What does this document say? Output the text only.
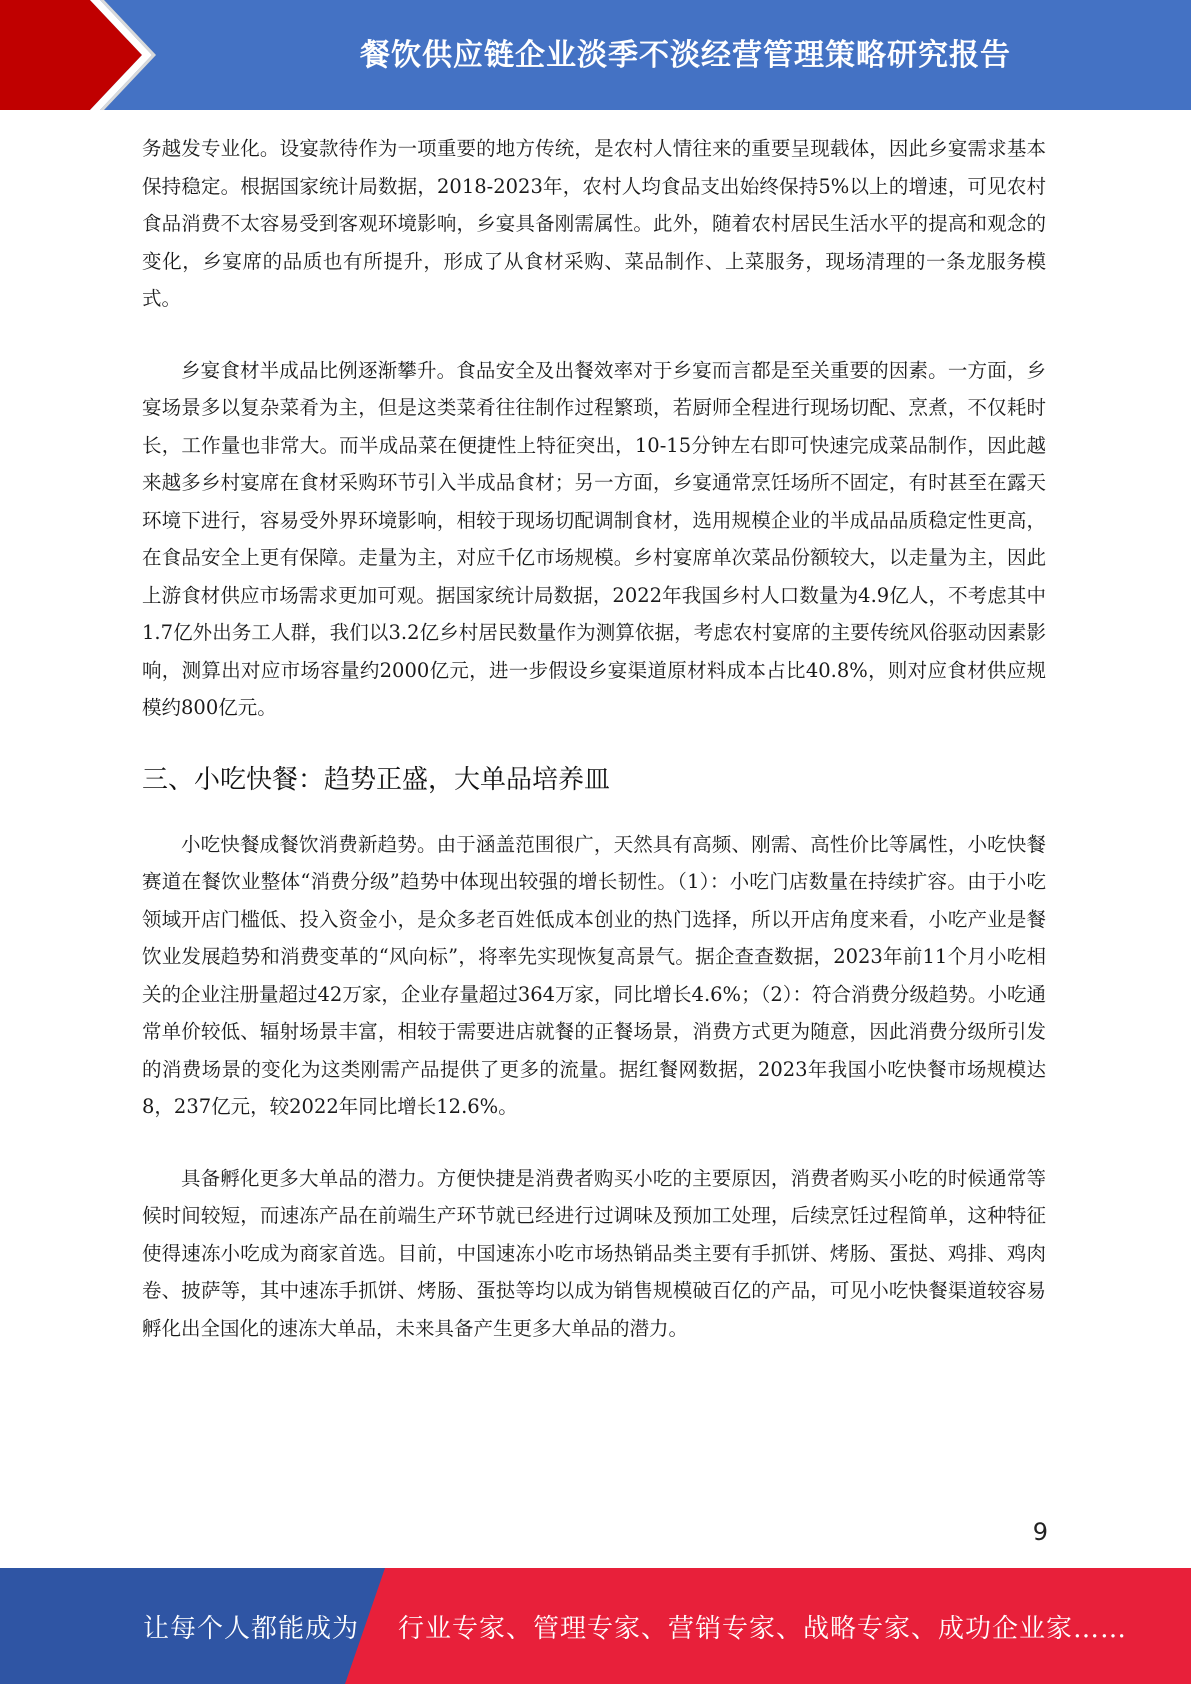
餐饮供应链企业淡季不淡经营管理策略研究报告

务越发专业化。设宴款待作为一项重要的地方传统，是农村人情往来的重要呈现载体，因此乡宴需求基本保持稳定。根据国家统计局数据，2018-2023年，农村人均食品支出始终保持5%以上的增速，可见农村食品消费不太容易受到客观环境影响，乡宴具备刚需属性。此外，随着农村居民生活水平的提高和观念的变化，乡宴席的品质也有所提升，形成了从食材采购、菜品制作、上菜服务，现场清理的一条龙服务模式。

乡宴食材半成品比例逐渐攀升。食品安全及出餐效率对于乡宴而言都是至关重要的因素。一方面，乡宴场景多以复杂菜肴为主，但是这类菜肴往往制作过程繁琐，若厨师全程进行现场切配、烹煮，不仅耗时长，工作量也非常大。而半成品菜在便捷性上特征突出，10-15分钟左右即可快速完成菜品制作，因此越来越多乡村宴席在食材采购环节引入半成品食材；另一方面，乡宴通常烹饪场所不固定，有时甚至在露天环境下进行，容易受外界环境影响，相较于现场切配调制食材，选用规模企业的半成品品质稳定性更高，在食品安全上更有保障。走量为主，对应千亿市场规模。乡村宴席单次菜品份额较大，以走量为主，因此上游食材供应市场需求更加可观。据国家统计局数据，2022年我国乡村人口数量为4.9亿人，不考虑其中1.7亿外出务工人群，我们以3.2亿乡村居民数量作为测算依据，考虑农村宴席的主要传统风俗驱动因素影响，测算出对应市场容量约2000亿元，进一步假设乡宴渠道原材料成本占比40.8%，则对应食材供应规模约800亿元。

三、小吃快餐：趋势正盛，大单品培养皿

小吃快餐成餐饮消费新趋势。由于涵盖范围很广，天然具有高频、刚需、高性价比等属性，小吃快餐赛道在餐饮业整体“消费分级”趋势中体现出较强的增长韧性。（1）：小吃门店数量在持续扩容。由于小吃领域开店门槛低、投入资金小，是众多老百姓低成本创业的热门选择，所以开店角度来看，小吃产业是餐饮业发展趋势和消费变革的“风向标”，将率先实现恢复高景气。据企查查数据，2023年前11个月小吃相关的企业注册量超过42万家，企业存量超过364万家，同比增长4.6%；（2）：符合消费分级趋势。小吃通常单价较低、辐射场景丰富，相较于需要进店就餐的正餐场景，消费方式更为随意，因此消费分级所引发的消费场景的变化为这类刚需产品提供了更多的流量。据红餐网数据，2023年我国小吃快餐市场规模达8，237亿元，较2022年同比增长12.6%。

具备孵化更多大单品的潜力。方便快捷是消费者购买小吃的主要原因，消费者购买小吃的时候通常等候时间较短，而速冻产品在前端生产环节就已经进行过调味及预加工处理，后续烹饪过程简单，这种特征使得速冻小吃成为商家首选。目前，中国速冻小吃市场热销品类主要有手抓饼、烤肠、蛋挞、鸡排、鸡肉卷、披萨等，其中速冻手抓饼、烤肠、蛋挞等均以成为销售规模破百亿的产品，可见小吃快餐渠道较容易孵化出全国化的速冻大单品，未来具备产生更多大单品的潜力。

9
让每个人都能成为 行业专家、管理专家、营销专家、战略专家、成功企业家……
